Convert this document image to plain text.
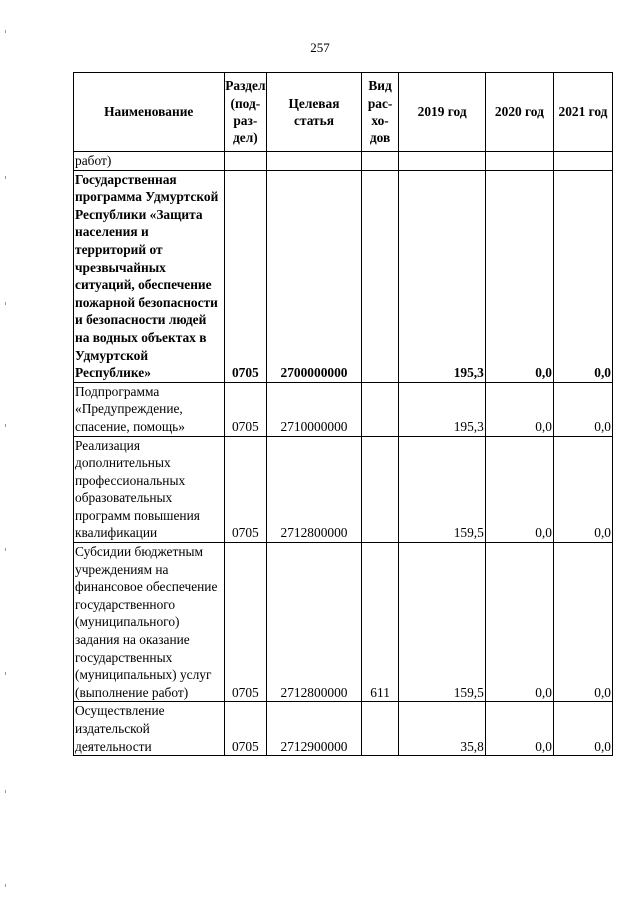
257
Наименование	Раздел (под-раз-дел)	Целевая статья	Вид рас-хо-дов	2019 год	2020 год	2021 год
работ)						
Государственная программа Удмуртской Республики «Защита населения и территорий от чрезвычайных ситуаций, обеспечение пожарной безопасности и безопасности людей на водных объектах в Удмуртской Республике»	0705	2700000000		195,3	0,0	0,0
Подпрограмма «Предупреждение, спасение, помощь»	0705	2710000000		195,3	0,0	0,0
Реализация дополнительных профессиональных образовательных программ повышения квалификации	0705	2712800000		159,5	0,0	0,0
Субсидии бюджетным учреждениям на финансовое обеспечение государственного (муниципального) задания на оказание государственных (муниципальных) услуг (выполнение работ)	0705	2712800000	611	159,5	0,0	0,0
Осуществление издательской деятельности	0705	2712900000		35,8	0,0	0,0
